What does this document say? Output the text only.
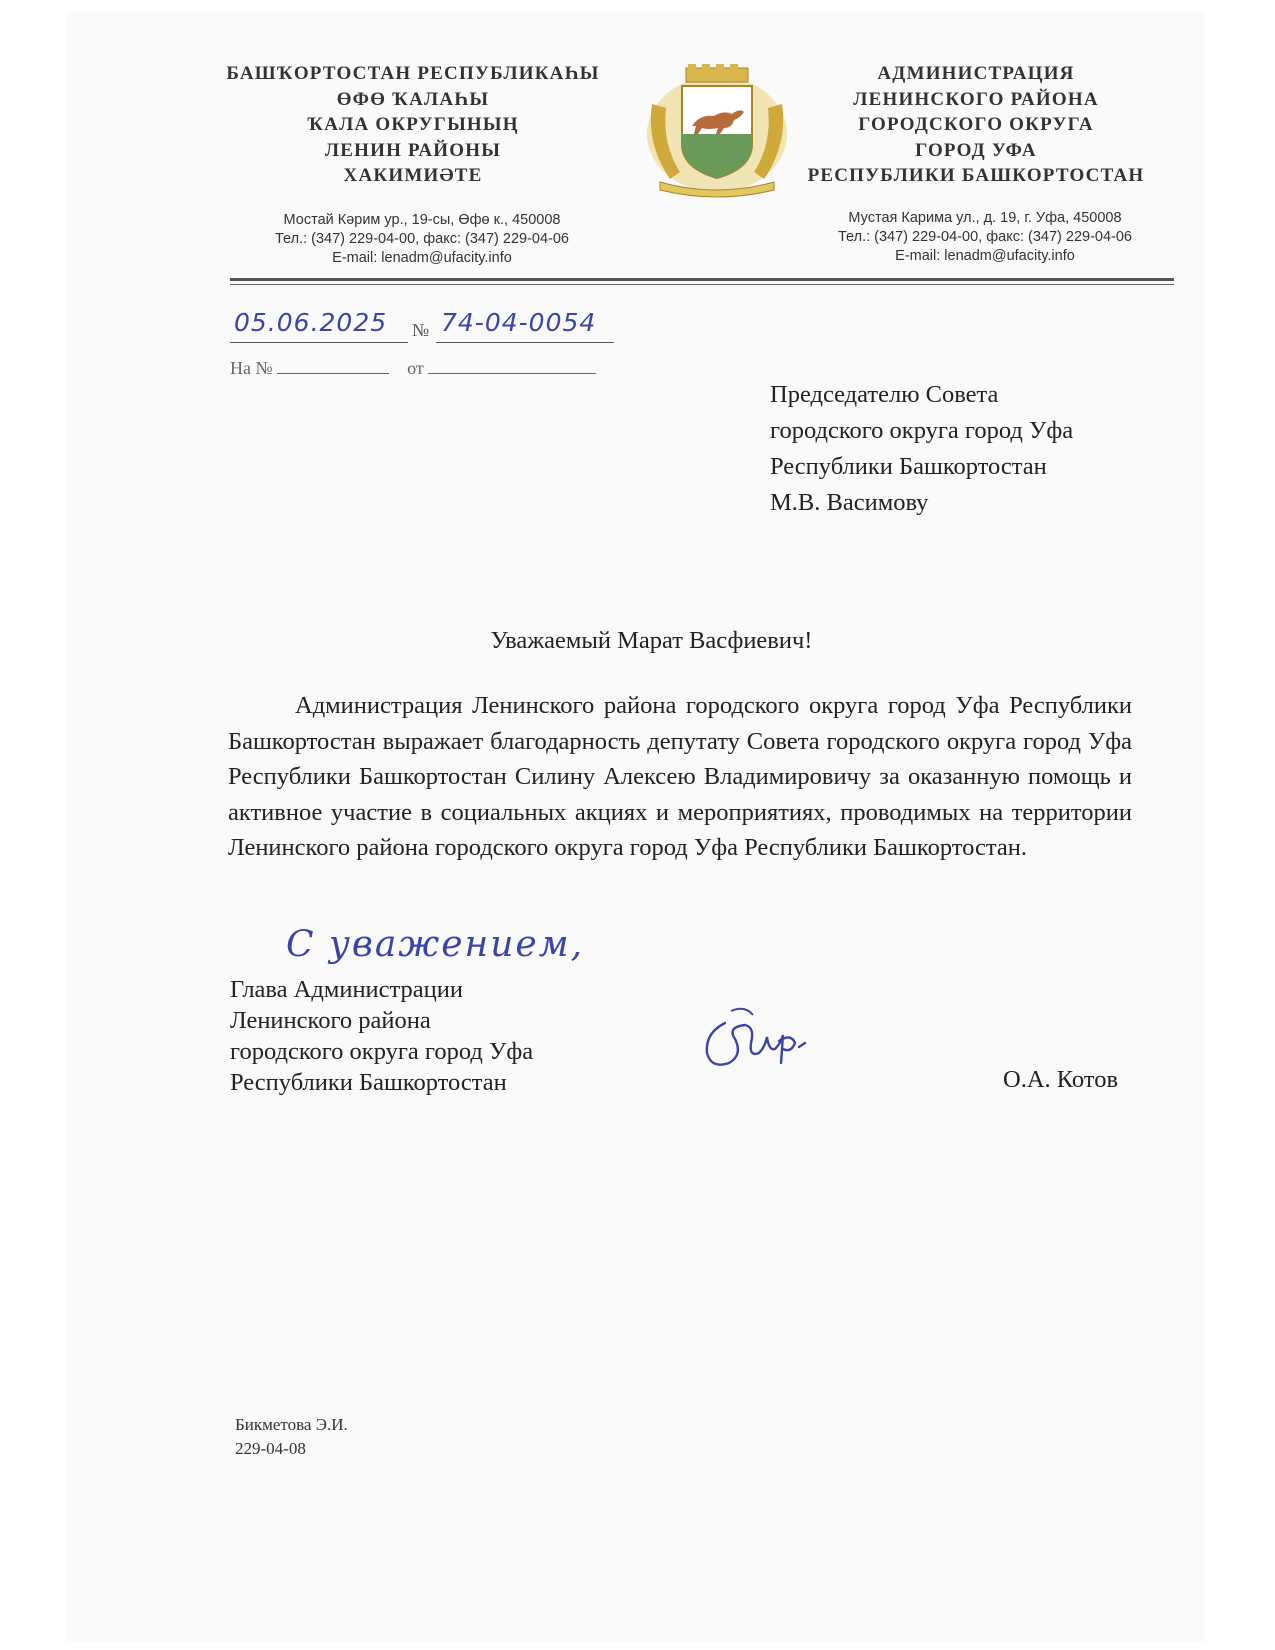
БАШҠОРТОСТАН РЕСПУБЛИКАҺЫ
ӨФӨ ҠАЛАҺЫ
ҠАЛА ОКРУГЫНЫҢ
ЛЕНИН РАЙОНЫ
ХАКИМИӘТЕ
АДМИНИСТРАЦИЯ
ЛЕНИНСКОГО РАЙОНА
ГОРОДСКОГО ОКРУГА
ГОРОД УФА
РЕСПУБЛИКИ БАШКОРТОСТАН
Мостай Кәрим ур., 19-сы, Өфө к., 450008
Тел.: (347) 229-04-00, факс: (347) 229-04-06
E-mail: lenadm@ufacity.info
Мустая Карима ул., д. 19, г. Уфа, 450008
Тел.: (347) 229-04-00, факс: (347) 229-04-06
E-mail: lenadm@ufacity.info
05.06.2025 № 74-04-0054
На №	от
Председателю Совета
городского округа город Уфа
Республики Башкортостан
М.В. Васимову
Уважаемый Марат Васфиевич!
Администрация Ленинского района городского округа город Уфа Республики Башкортостан выражает благодарность депутату Совета городского округа город Уфа Республики Башкортостан Силину Алексею Владимировичу за оказанную помощь и активное участие в социальных акциях и мероприятиях, проводимых на территории Ленинского района городского округа город Уфа Республики Башкортостан.
С уважением,
Глава Администрации
Ленинского района
городского округа город Уфа
Республики Башкортостан	О.А. Котов
Бикметова Э.И.
229-04-08
